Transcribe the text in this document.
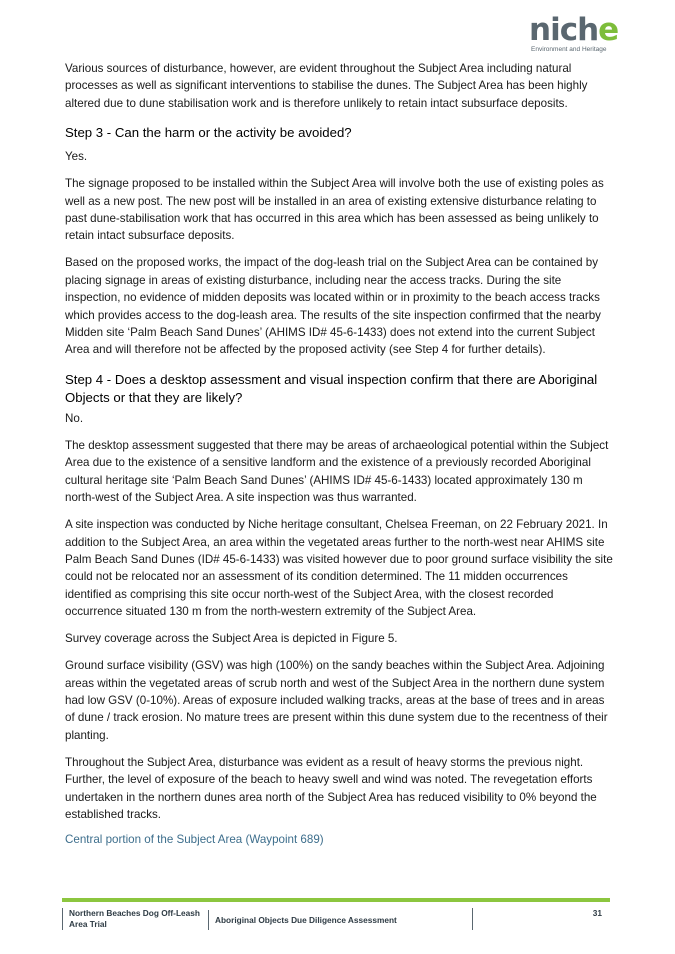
niche
Environment and Heritage

Various sources of disturbance, however, are evident throughout the Subject Area including natural processes as well as significant interventions to stabilise the dunes. The Subject Area has been highly altered due to dune stabilisation work and is therefore unlikely to retain intact subsurface deposits.

Step 3 - Can the harm or the activity be avoided?

Yes.

The signage proposed to be installed within the Subject Area will involve both the use of existing poles as well as a new post. The new post will be installed in an area of existing extensive disturbance relating to past dune-stabilisation work that has occurred in this area which has been assessed as being unlikely to retain intact subsurface deposits.

Based on the proposed works, the impact of the dog-leash trial on the Subject Area can be contained by placing signage in areas of existing disturbance, including near the access tracks. During the site inspection, no evidence of midden deposits was located within or in proximity to the beach access tracks which provides access to the dog-leash area. The results of the site inspection confirmed that the nearby Midden site ‘Palm Beach Sand Dunes’ (AHIMS ID# 45-6-1433) does not extend into the current Subject Area and will therefore not be affected by the proposed activity (see Step 4 for further details).

Step 4 - Does a desktop assessment and visual inspection confirm that there are Aboriginal Objects or that they are likely?

No.

The desktop assessment suggested that there may be areas of archaeological potential within the Subject Area due to the existence of a sensitive landform and the existence of a previously recorded Aboriginal cultural heritage site ‘Palm Beach Sand Dunes’ (AHIMS ID# 45-6-1433) located approximately 130 m north-west of the Subject Area. A site inspection was thus warranted.

A site inspection was conducted by Niche heritage consultant, Chelsea Freeman, on 22 February 2021. In addition to the Subject Area, an area within the vegetated areas further to the north-west near AHIMS site Palm Beach Sand Dunes (ID# 45-6-1433) was visited however due to poor ground surface visibility the site could not be relocated nor an assessment of its condition determined. The 11 midden occurrences identified as comprising this site occur north-west of the Subject Area, with the closest recorded occurrence situated 130 m from the north-western extremity of the Subject Area.

Survey coverage across the Subject Area is depicted in Figure 5.

Ground surface visibility (GSV) was high (100%) on the sandy beaches within the Subject Area. Adjoining areas within the vegetated areas of scrub north and west of the Subject Area in the northern dune system had low GSV (0-10%). Areas of exposure included walking tracks, areas at the base of trees and in areas of dune / track erosion. No mature trees are present within this dune system due to the recentness of their planting.

Throughout the Subject Area, disturbance was evident as a result of heavy storms the previous night. Further, the level of exposure of the beach to heavy swell and wind was noted. The revegetation efforts undertaken in the northern dunes area north of the Subject Area has reduced visibility to 0% beyond the established tracks.

Central portion of the Subject Area (Waypoint 689)
Northern Beaches Dog Off-Leash
Area Trial	Aboriginal Objects Due Diligence Assessment
31
